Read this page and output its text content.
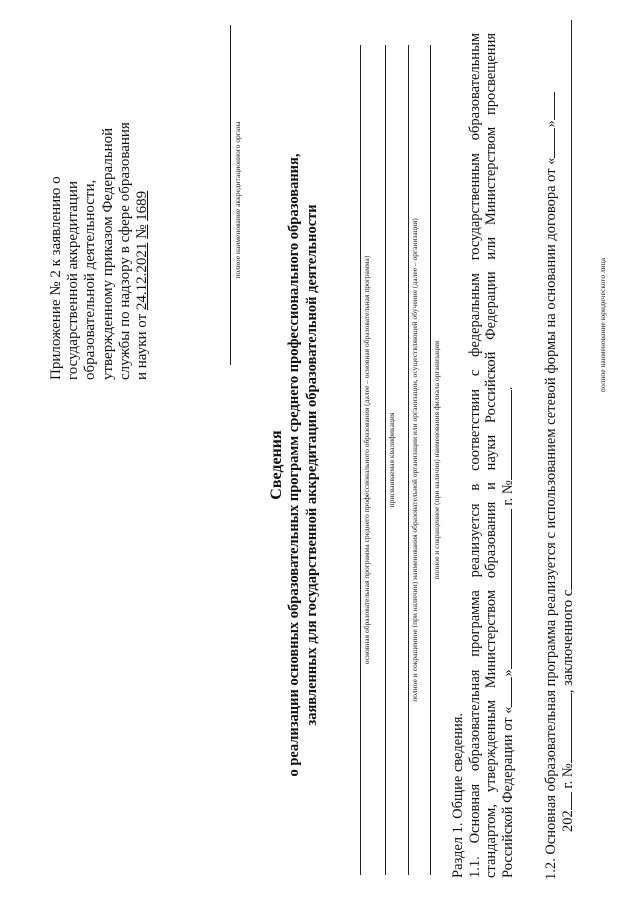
Приложение № 2 к заявлению о государственной аккредитации образовательной деятельности, утвержденному приказом Федеральной службы по надзору в сфере образования и науки от 24.12.2021 № 1689	полное наименование аккредитационного органа
Сведения о реализации основных образовательных программ среднего профессионального образования, заявленных для государственной аккредитации образовательной деятельности	основная образовательная программа среднего профессионального образования (далее – основная образовательная программа) присваиваемая квалификация полное и сокращенное (при наличии) наименования образовательной организации или организации, осуществляющей обучение (далее – организация) полное и сокращенное (при наличии) наименования филиала организации
Раздел 1. Общие сведения. 1.1. Основная образовательная программа реализуется в соответствии с федеральным государственным образовательным стандартом, утвержденным Министерством образования и науки Российской Федерации или Министерством просвещения Российской Федерации от «» г. №. 1.2. Основная образовательная программа реализуется с использованием сетевой формы на основании договора от «»
202 г. №, заключенного с
полное наименование юридического лица
